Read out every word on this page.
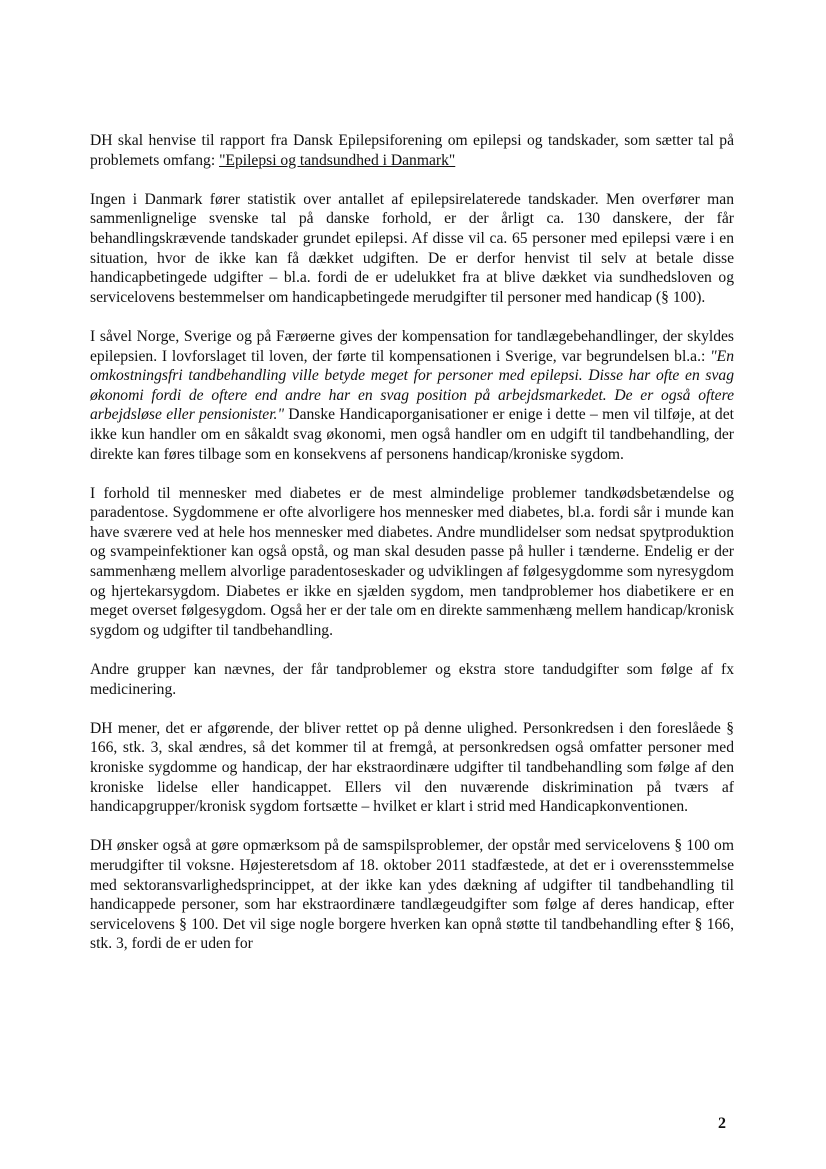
DH skal henvise til rapport fra Dansk Epilepsiforening om epilepsi og tandskader, som sætter tal på problemets omfang: "Epilepsi og tandsundhed i Danmark"

Ingen i Danmark fører statistik over antallet af epilepsirelaterede tandskader. Men overfører man sammenlignelige svenske tal på danske forhold, er der årligt ca. 130 danskere, der får behandlingskrævende tandskader grundet epilepsi. Af disse vil ca. 65 personer med epilepsi være i en situation, hvor de ikke kan få dækket udgiften. De er derfor henvist til selv at betale disse handicapbetingede udgifter – bl.a. fordi de er udelukket fra at blive dækket via sundhedsloven og servicelovens bestemmelser om handicapbetingede merudgifter til personer med handicap (§ 100).

I såvel Norge, Sverige og på Færøerne gives der kompensation for tandlægebehandlinger, der skyldes epilepsien. I lovforslaget til loven, der førte til kompensationen i Sverige, var begrundelsen bl.a.: "En omkostningsfri tandbehandling ville betyde meget for personer med epilepsi. Disse har ofte en svag økonomi fordi de oftere end andre har en svag position på arbejdsmarkedet. De er også oftere arbejdsløse eller pensionister." Danske Handicaporganisationer er enige i dette – men vil tilføje, at det ikke kun handler om en såkaldt svag økonomi, men også handler om en udgift til tandbehandling, der direkte kan føres tilbage som en konsekvens af personens handicap/kroniske sygdom.

I forhold til mennesker med diabetes er de mest almindelige problemer tandkødsbetændelse og paradentose. Sygdommene er ofte alvorligere hos mennesker med diabetes, bl.a. fordi sår i munde kan have sværere ved at hele hos mennesker med diabetes. Andre mundlidelser som nedsat spytproduktion og svampeinfektioner kan også opstå, og man skal desuden passe på huller i tænderne. Endelig er der sammenhæng mellem alvorlige paradentoseskader og udviklingen af følgesygdomme som nyresygdom og hjertekarsygdom. Diabetes er ikke en sjælden sygdom, men tandproblemer hos diabetikere er en meget overset følgesygdom. Også her er der tale om en direkte sammenhæng mellem handicap/kronisk sygdom og udgifter til tandbehandling.

Andre grupper kan nævnes, der får tandproblemer og ekstra store tandudgifter som følge af fx medicinering.

DH mener, det er afgørende, der bliver rettet op på denne ulighed. Personkredsen i den foreslåede § 166, stk. 3, skal ændres, så det kommer til at fremgå, at personkredsen også omfatter personer med kroniske sygdomme og handicap, der har ekstraordinære udgifter til tandbehandling som følge af den kroniske lidelse eller handicappet. Ellers vil den nuværende diskrimination på tværs af handicapgrupper/kronisk sygdom fortsætte – hvilket er klart i strid med Handicapkonventionen.

DH ønsker også at gøre opmærksom på de samspilsproblemer, der opstår med servicelovens § 100 om merudgifter til voksne. Højesteretsdom af 18. oktober 2011 stadfæstede, at det er i overensstemmelse med sektoransvarlighedsprincippet, at der ikke kan ydes dækning af udgifter til tandbehandling til handicappede personer, som har ekstraordinære tandlægeudgifter som følge af deres handicap, efter servicelovens § 100. Det vil sige nogle borgere hverken kan opnå støtte til tandbehandling efter § 166, stk. 3, fordi de er uden for

2
